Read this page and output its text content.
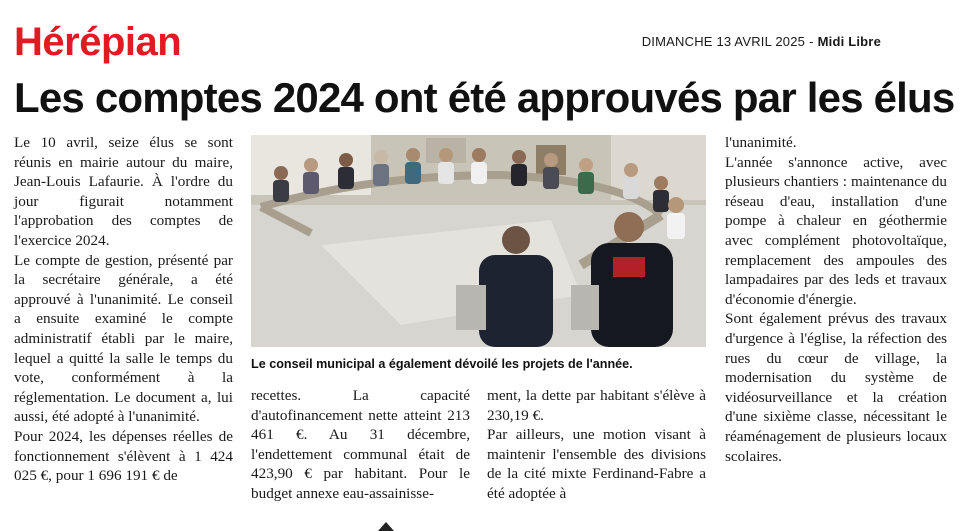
Hérépian	DIMANCHE 13 AVRIL 2025 - Midi Libre
Les comptes 2024 ont été approuvés par les élus

Le 10 avril, seize élus se sont réunis en mairie autour du maire, Jean-Louis Lafaurie. À l'ordre du jour figurait notamment l'approbation des comptes de l'exercice 2024.

Le compte de gestion, présenté par la secrétaire générale, a été approuvé à l'unanimité. Le conseil a ensuite examiné le compte administratif établi par le maire, lequel a quitté la salle le temps du vote, conformément à la réglementation. Le document a, lui aussi, été adopté à l'unanimité.

Pour 2024, les dépenses réelles de fonctionnement s'élèvent à 1 424 025 €, pour 1 696 191 € de

Le conseil municipal a également dévoilé les projets de l'année.

recettes. La capacité d'autofinancement nette atteint 213 461 €. Au 31 décembre, l'endettement communal était de 423,90 € par habitant. Pour le budget annexe eau-assainisse-

ment, la dette par habitant s'élève à 230,19 €.

Par ailleurs, une motion visant à maintenir l'ensemble des divisions de la cité mixte Ferdinand-Fabre a été adoptée à

l'unanimité.

L'année s'annonce active, avec plusieurs chantiers : maintenance du réseau d'eau, installation d'une pompe à chaleur en géothermie avec complément photovoltaïque, remplacement des ampoules des lampadaires par des leds et travaux d'économie d'énergie.

Sont également prévus des travaux d'urgence à l'église, la réfection des rues du cœur de village, la modernisation du système de vidéosurveillance et la création d'une sixième classe, nécessitant le réaménagement de plusieurs locaux scolaires.
